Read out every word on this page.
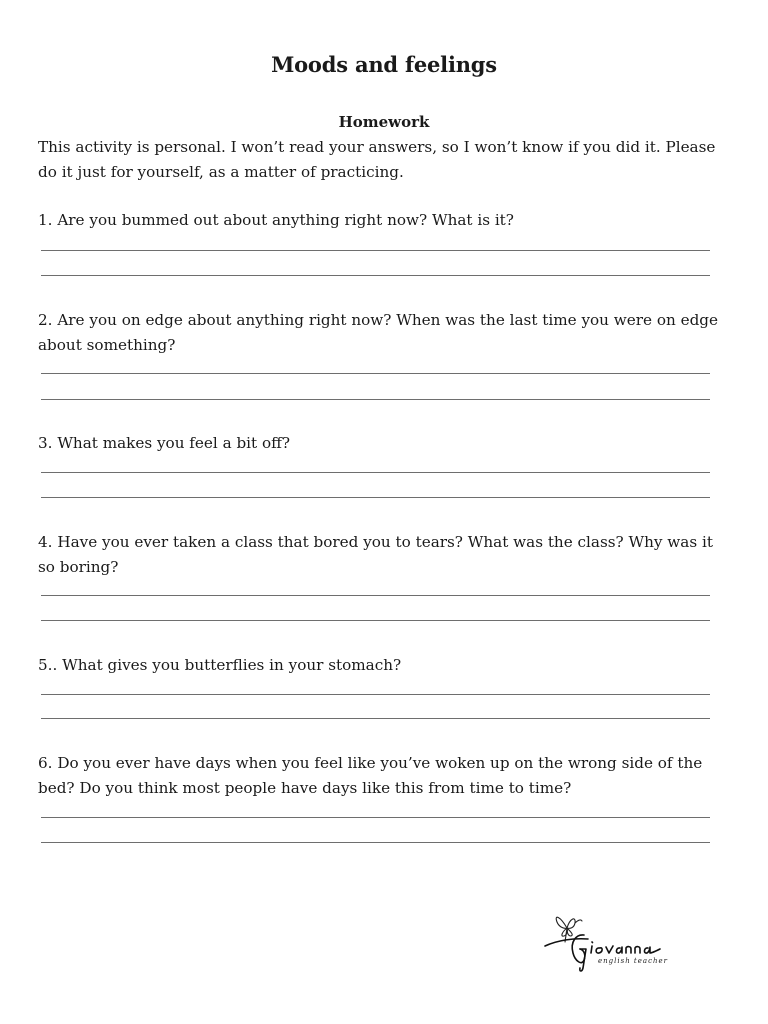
Moods and feelings
Homework

This activity is personal. I won’t read your answers, so I won’t know if you did it. Please do it just for yourself, as a matter of practicing.

1. Are you bummed out about anything right now? What is it?

2. Are you on edge about anything right now? When was the last time you were on edge about something?

3. What makes you feel a bit off?

4. Have you ever taken a class that bored you to tears? What was the class? Why was it so boring?

5.. What gives you butterflies in your stomach?

6. Do you ever have days when you feel like you’ve woken up on the wrong side of the bed? Do you think most people have days like this from time to time?

english teacher
